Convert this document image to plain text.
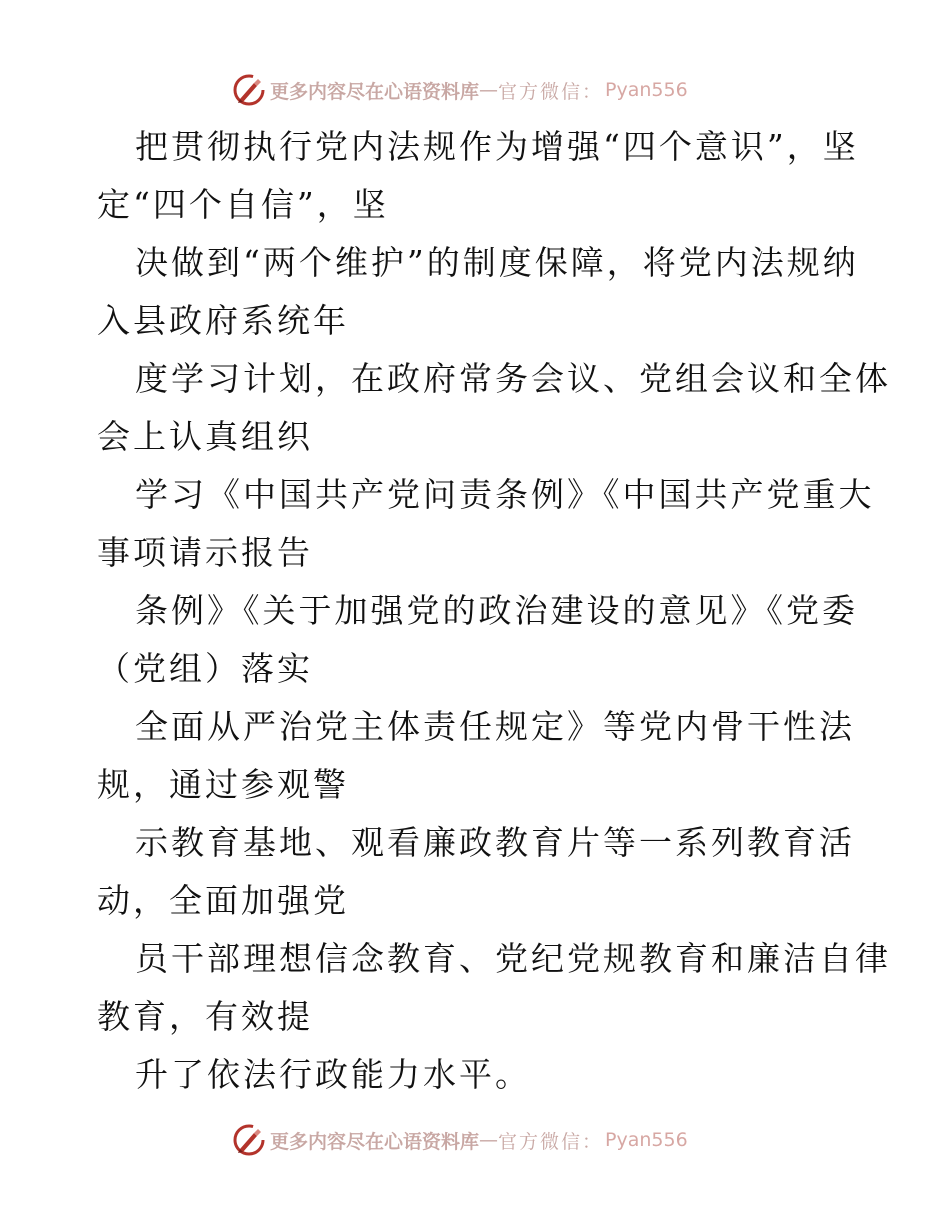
更多内容尽在心语资料库 — 官方微信： Pyan556
把贯彻执行党内法规作为增强“四个意识”，坚
定“四个自信”，坚
决做到“两个维护”的制度保障，将党内法规纳
入县政府系统年
度学习计划，在政府常务会议、党组会议和全体
会上认真组织
学习《中国共产党问责条例》《中国共产党重大
事项请示报告
条例》《关于加强党的政治建设的意见》《党委
（党组）落实
全面从严治党主体责任规定》等党内骨干性法
规，通过参观警
示教育基地、观看廉政教育片等一系列教育活
动，全面加强党
员干部理想信念教育、党纪党规教育和廉洁自律
教育，有效提
升了依法行政能力水平。
更多内容尽在心语资料库 — 官方微信： Pyan556
